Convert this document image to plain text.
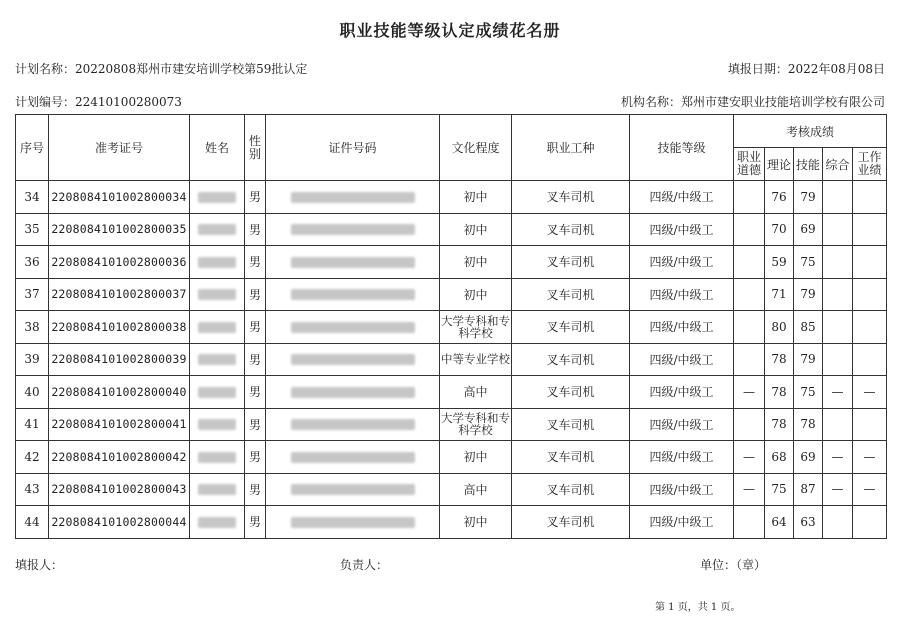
职业技能等级认定成绩花名册
计划名称：20220808郑州市建安培训学校第59批认定	填报日期：2022年08月08日
计划编号：22410100280073	机构名称：郑州市建安职业技能培训学校有限公司
序号	准考证号	姓名	性别	证件号码	文化程度	职业工种	技能等级	考核成绩				
								职业道德	理论	技能	综合	工作业绩
34	2208084101002800034		男		初中	叉车司机	四级/中级工		76	79		
35	2208084101002800035		男		初中	叉车司机	四级/中级工		70	69		
36	2208084101002800036		男		初中	叉车司机	四级/中级工		59	75		
37	2208084101002800037		男		初中	叉车司机	四级/中级工		71	79		
38	2208084101002800038		男		大学专科和专科学校	叉车司机	四级/中级工		80	85		
39	2208084101002800039		男		中等专业学校	叉车司机	四级/中级工		78	79		
40	2208084101002800040		男		高中	叉车司机	四级/中级工	—	78	75	—	—
41	2208084101002800041		男		大学专科和专科学校	叉车司机	四级/中级工		78	78		
42	2208084101002800042		男		初中	叉车司机	四级/中级工	—	68	69	—	—
43	2208084101002800043		男		高中	叉车司机	四级/中级工	—	75	87	—	—
44	2208084101002800044		男		初中	叉车司机	四级/中级工		64	63		
填报人：	负责人：	单位：（章）
第 1 页，共 1 页。
